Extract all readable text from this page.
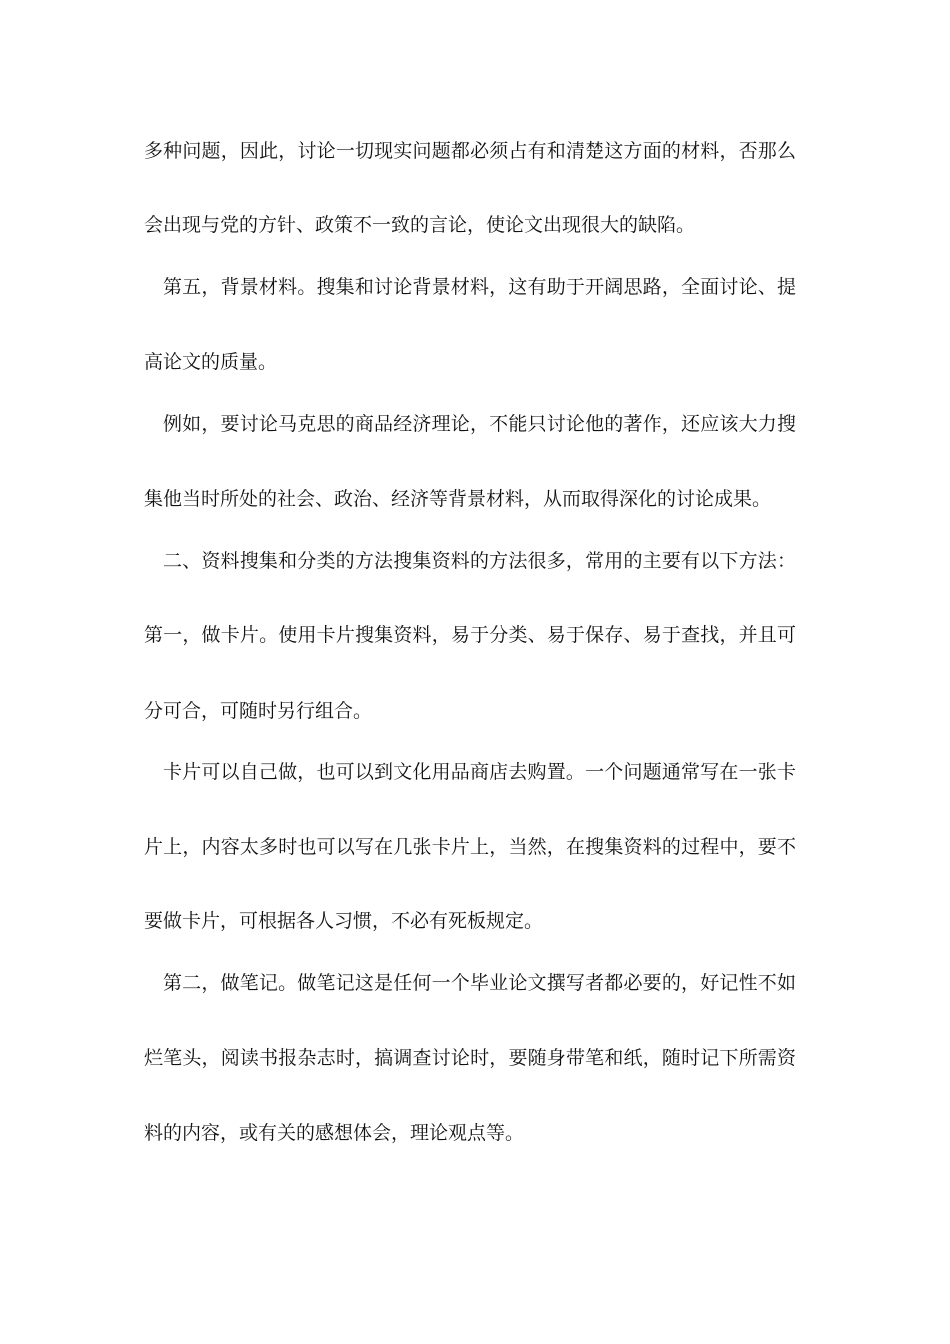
多种问题，因此，讨论一切现实问题都必须占有和清楚这方面的材料，否那么
会出现与党的方针、政策不一致的言论，使论文出现很大的缺陷。
第五，背景材料。搜集和讨论背景材料，这有助于开阔思路，全面讨论、提
高论文的质量。
例如，要讨论马克思的商品经济理论，不能只讨论他的著作，还应该大力搜
集他当时所处的社会、政治、经济等背景材料，从而取得深化的讨论成果。
二、资料搜集和分类的方法搜集资料的方法很多，常用的主要有以下方法：
第一，做卡片。使用卡片搜集资料，易于分类、易于保存、易于查找，并且可
分可合，可随时另行组合。
卡片可以自己做，也可以到文化用品商店去购置。一个问题通常写在一张卡
片上，内容太多时也可以写在几张卡片上，当然，在搜集资料的过程中，要不
要做卡片，可根据各人习惯，不必有死板规定。
第二，做笔记。做笔记这是任何一个毕业论文撰写者都必要的，好记性不如
烂笔头，阅读书报杂志时，搞调查讨论时，要随身带笔和纸，随时记下所需资
料的内容，或有关的感想体会，理论观点等。
